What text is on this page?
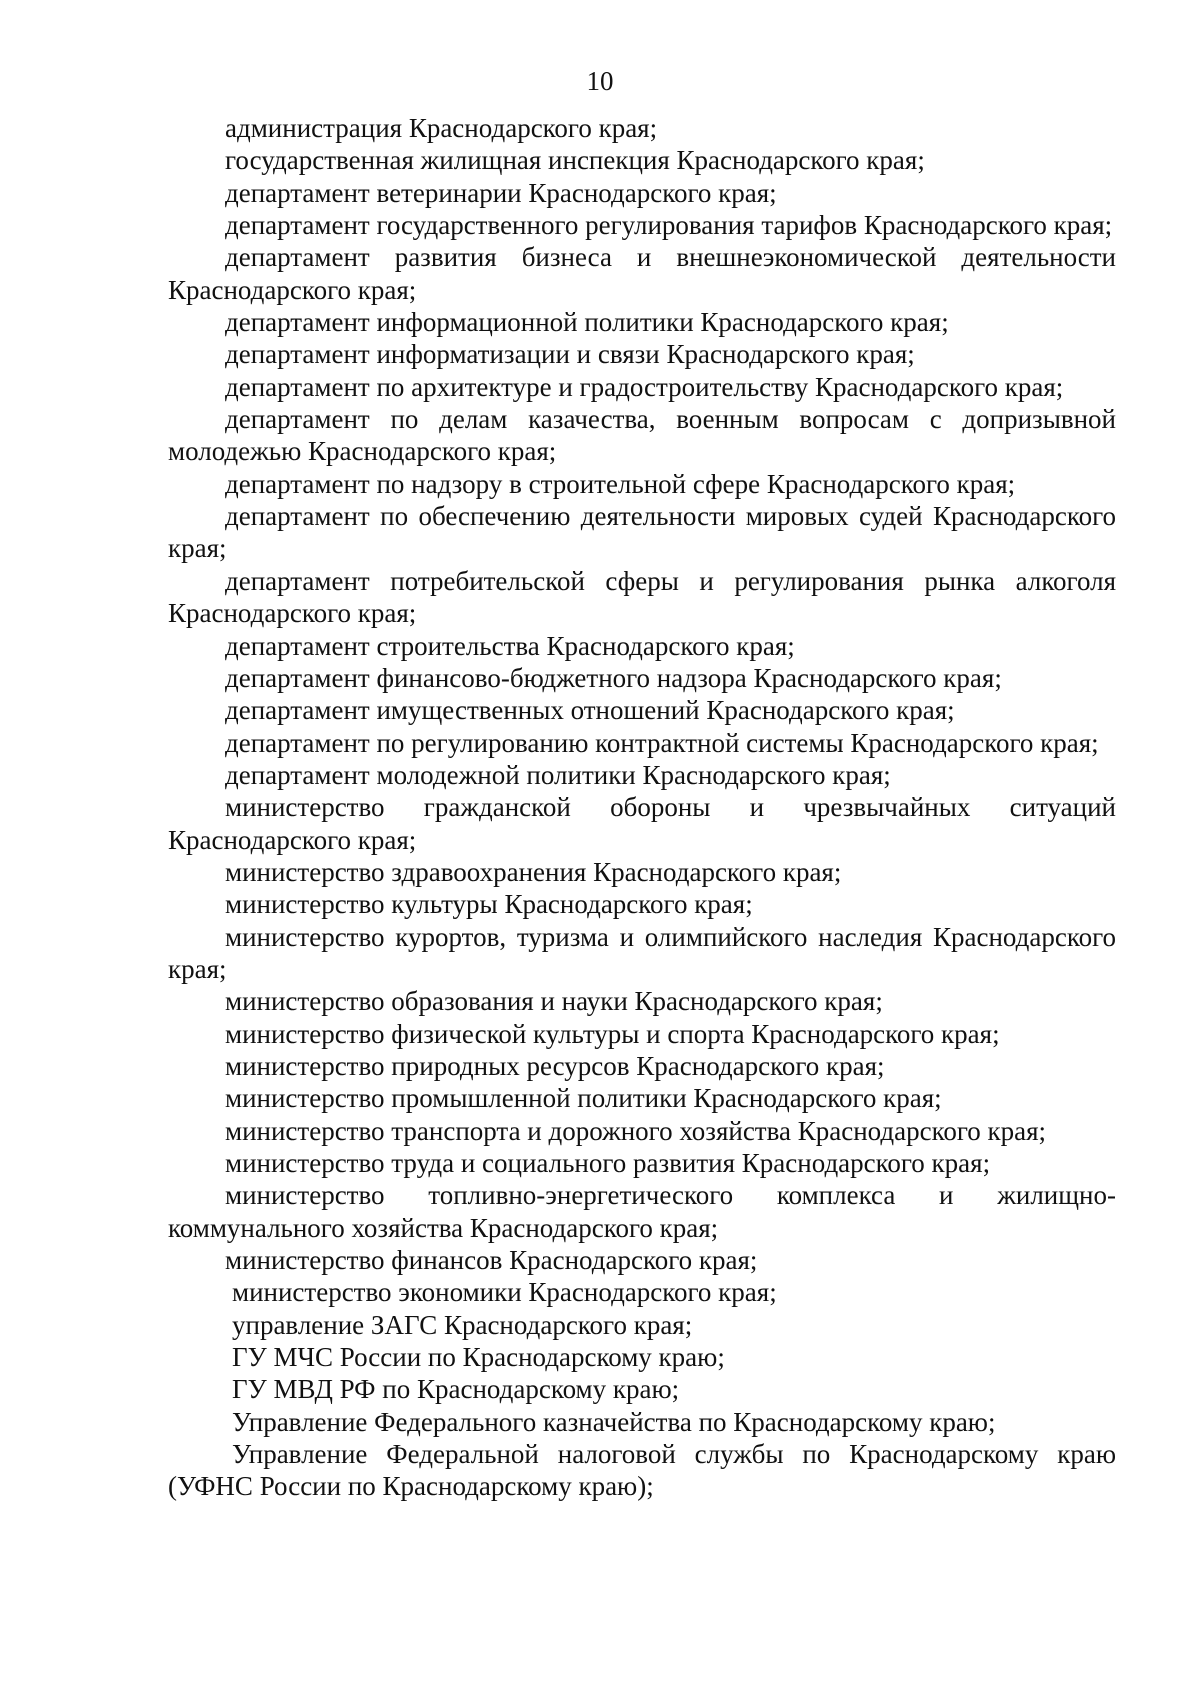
10

администрация Краснодарского края;

государственная жилищная инспекция Краснодарского края;

департамент ветеринарии Краснодарского края;

департамент государственного регулирования тарифов Краснодарского края;

департамент развития бизнеса и внешнеэкономической деятельности Краснодарского края;

департамент информационной политики Краснодарского края;

департамент информатизации и связи Краснодарского края;

департамент по архитектуре и градостроительству Краснодарского края;

департамент по делам казачества, военным вопросам с допризывной молодежью Краснодарского края;

департамент по надзору в строительной сфере Краснодарского края;

департамент по обеспечению деятельности мировых судей Краснодарского края;

департамент потребительской сферы и регулирования рынка алкоголя Краснодарского края;

департамент строительства Краснодарского края;

департамент финансово-бюджетного надзора Краснодарского края;

департамент имущественных отношений Краснодарского края;

департамент по регулированию контрактной системы Краснодарского края;

департамент молодежной политики Краснодарского края;

министерство гражданской обороны и чрезвычайных ситуаций Краснодарского края;

министерство здравоохранения Краснодарского края;

министерство культуры Краснодарского края;

министерство курортов, туризма и олимпийского наследия Краснодарского края;

министерство образования и науки Краснодарского края;

министерство физической культуры и спорта Краснодарского края;

министерство природных ресурсов Краснодарского края;

министерство промышленной политики Краснодарского края;

министерство транспорта и дорожного хозяйства Краснодарского края;

министерство труда и социального развития Краснодарского края;

министерство топливно-энергетического комплекса и жилищно-коммунального хозяйства Краснодарского края;

министерство финансов Краснодарского края;

министерство экономики Краснодарского края;

управление ЗАГС Краснодарского края;

ГУ МЧС России по Краснодарскому краю;

ГУ МВД РФ по Краснодарскому краю;

Управление Федерального казначейства по Краснодарскому краю;

Управление Федеральной налоговой службы по Краснодарскому краю (УФНС России по Краснодарскому краю);
